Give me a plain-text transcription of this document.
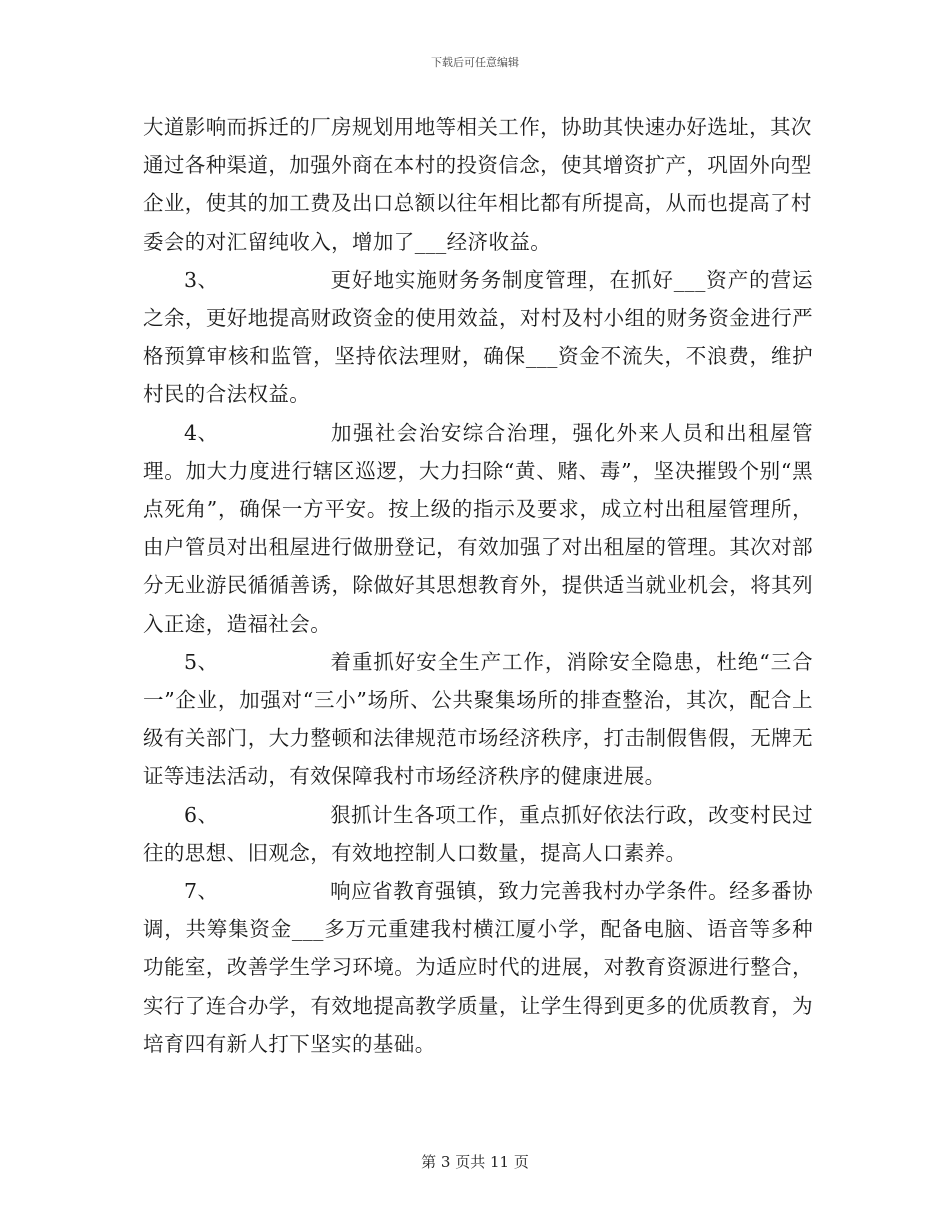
下载后可任意编辑

大道影响而拆迁的厂房规划用地等相关工作，协助其快速办好选址，其次通过各种渠道，加强外商在本村的投资信念，使其增资扩产，巩固外向型企业，使其的加工费及出口总额以往年相比都有所提高，从而也提高了村委会的对汇留纯收入，增加了___经济收益。

3、	更好地实施财务务制度管理，在抓好___资产的营运之余，更好地提高财政资金的使用效益，对村及村小组的财务资金进行严格预算审核和监管，坚持依法理财，确保___资金不流失，不浪费，维护村民的合法权益。

4、	加强社会治安综合治理，强化外来人员和出租屋管理。加大力度进行辖区巡逻，大力扫除“黄、赌、毒”，坚决摧毁个别“黑点死角”，确保一方平安。按上级的指示及要求，成立村出租屋管理所，由户管员对出租屋进行做册登记，有效加强了对出租屋的管理。其次对部分无业游民循循善诱，除做好其思想教育外，提供适当就业机会，将其列入正途，造福社会。

5、	着重抓好安全生产工作，消除安全隐患，杜绝“三合一”企业，加强对“三小”场所、公共聚集场所的排查整治，其次，配合上级有关部门，大力整顿和法律规范市场经济秩序，打击制假售假，无牌无证等违法活动，有效保障我村市场经济秩序的健康进展。

6、	狠抓计生各项工作，重点抓好依法行政，改变村民过往的思想、旧观念，有效地控制人口数量，提高人口素养。

7、	响应省教育强镇，致力完善我村办学条件。经多番协调，共筹集资金___多万元重建我村横江厦小学，配备电脑、语音等多种功能室，改善学生学习环境。为适应时代的进展，对教育资源进行整合，实行了连合办学，有效地提高教学质量，让学生得到更多的优质教育，为培育四有新人打下坚实的基础。

第 3 页共 11 页
